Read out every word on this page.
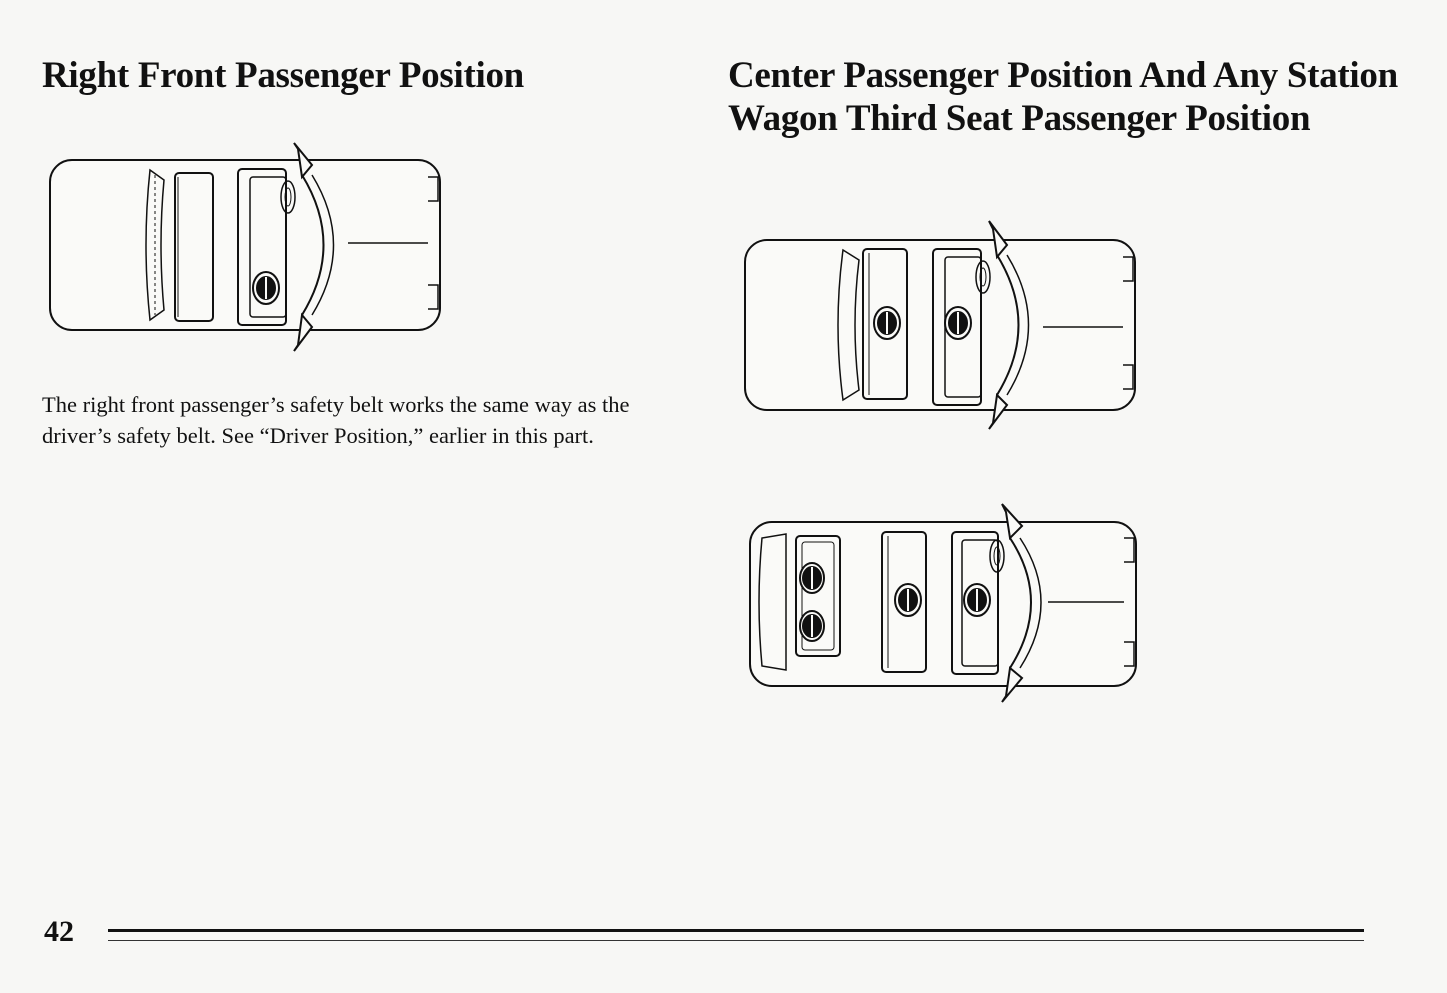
Right Front Passenger Position

The right front passenger’s safety belt works the same way as the driver’s safety belt. See “Driver Position,” earlier in this part.

Center Passenger Position And Any Station Wagon Third Seat Passenger Position
42
